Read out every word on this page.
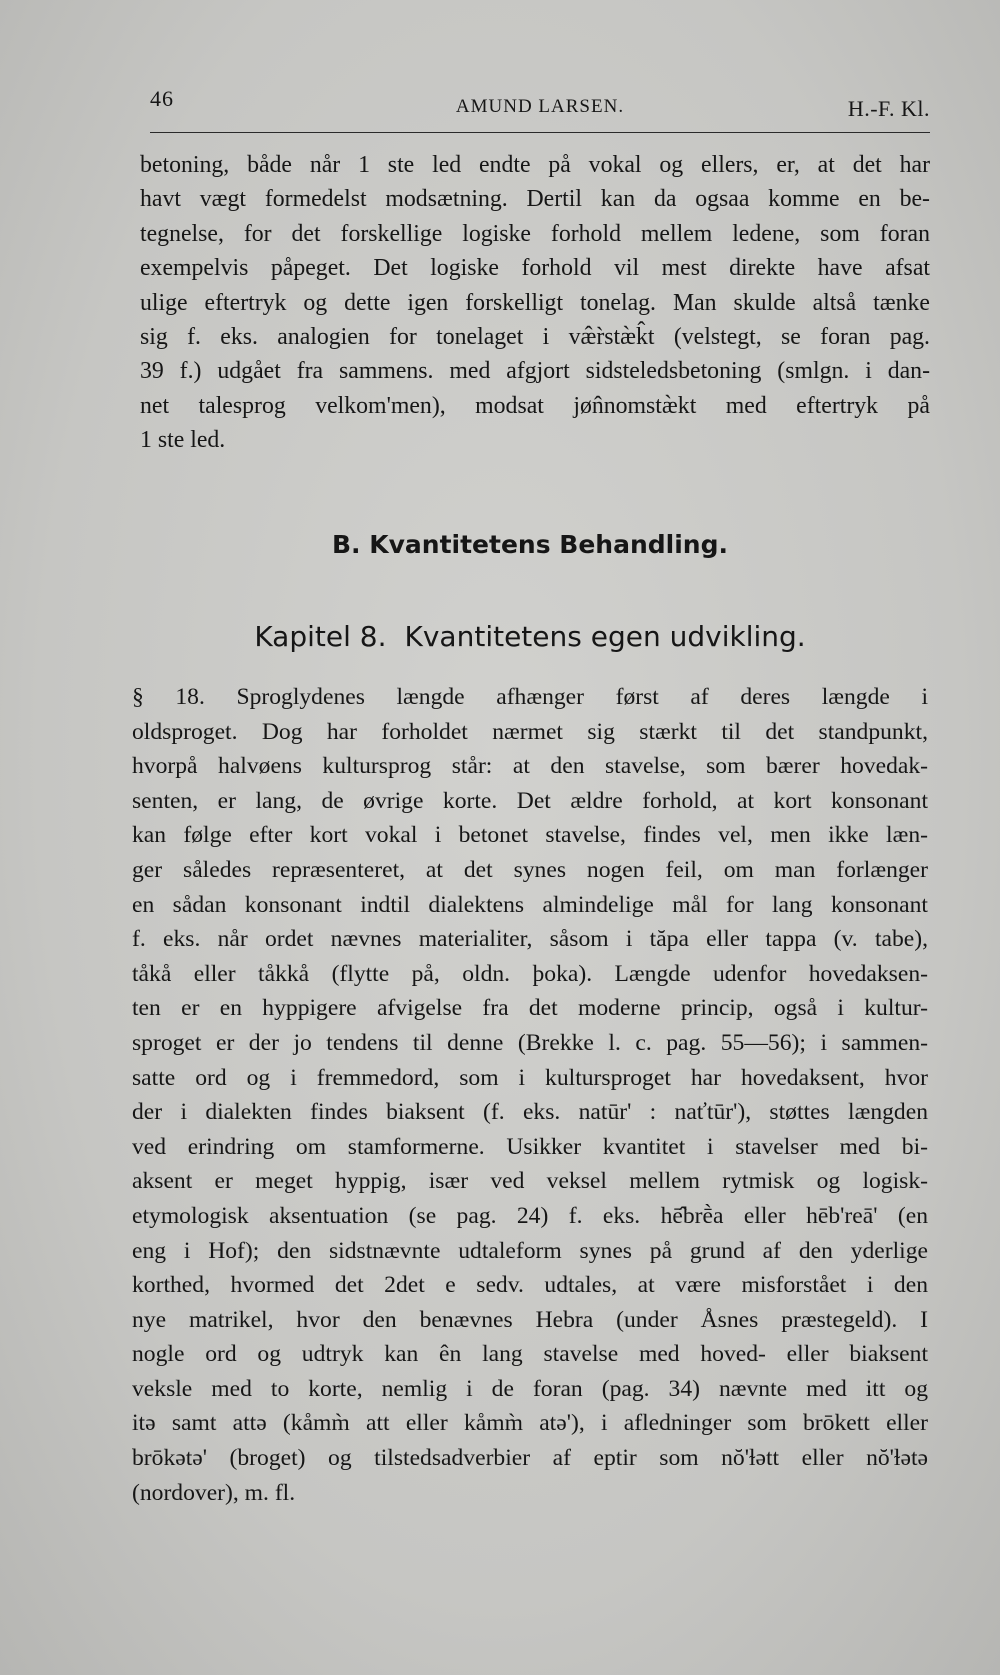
46	AMUND LARSEN.	H.-F. Kl.
betoning, både når 1 ste led endte på vokal og ellers, er, at det har
havt vægt formedelst modsætning. Dertil kan da ogsaa komme en be-
tegnelse, for det forskellige logiske forhold mellem ledene, som foran
exempelvis påpeget. Det logiske forhold vil mest direkte have afsat
ulige eftertryk og dette igen forskelligt tonelag. Man skulde altså tænke
sig f. eks. analogien for tonelaget i væ̂r̀stæ̀k̂t (velstegt, se foran pag.
39 f.) udgået fra sammens. med afgjort sidsteledsbetoning (smlgn. i dan-
net talesprog velkom'men), modsat jøn̂nomstæ̀kt med eftertryk på
1 ste led.
B. Kvantitetens Behandling.
Kapitel 8. Kvantitetens egen udvikling.
§ 18. Sproglydenes længde afhænger først af deres længde i
oldsproget. Dog har forholdet nærmet sig stærkt til det standpunkt,
hvorpå halvøens kultursprog står: at den stavelse, som bærer hovedak-
senten, er lang, de øvrige korte. Det ældre forhold, at kort konsonant
kan følge efter kort vokal i betonet stavelse, findes vel, men ikke læn-
ger således repræsenteret, at det synes nogen feil, om man forlænger
en sådan konsonant indtil dialektens almindelige mål for lang konsonant
f. eks. når ordet nævnes materialiter, såsom i tăpa eller tappa (v. tabe),
tåkå eller tåkkå (flytte på, oldn. þoka). Længde udenfor hovedaksen-
ten er en hyppigere afvigelse fra det moderne princip, også i kultur-
sproget er der jo tendens til denne (Brekke l. c. pag. 55—56); i sammen-
satte ord og i fremmedord, som i kultursproget har hovedaksent, hvor
der i dialekten findes biaksent (f. eks. natūr' : naťtūr'), støttes længden
ved erindring om stamformerne. Usikker kvantitet i stavelser med bi-
aksent er meget hyppig, især ved veksel mellem rytmisk og logisk-
etymologisk aksentuation (se pag. 24) f. eks. hē̂brḕa eller hēb'reā' (en
eng i Hof); den sidstnævnte udtaleform synes på grund af den yderlige
korthed, hvormed det 2det e sedv. udtales, at være misforstået i den
nye matrikel, hvor den benævnes Hebra (under Åsnes præstegeld). I
nogle ord og udtryk kan ên lang stavelse med hoved- eller biaksent
veksle med to korte, nemlig i de foran (pag. 34) nævnte med itt og
itə samt attə (kåmm̀ att eller kåmm̀ atə'), i afledninger som brōkett eller
brōkətə' (broget) og tilstedsadverbier af eptir som nŏ'ɫətt eller nŏ'ɫətə
(nordover), m. fl.
